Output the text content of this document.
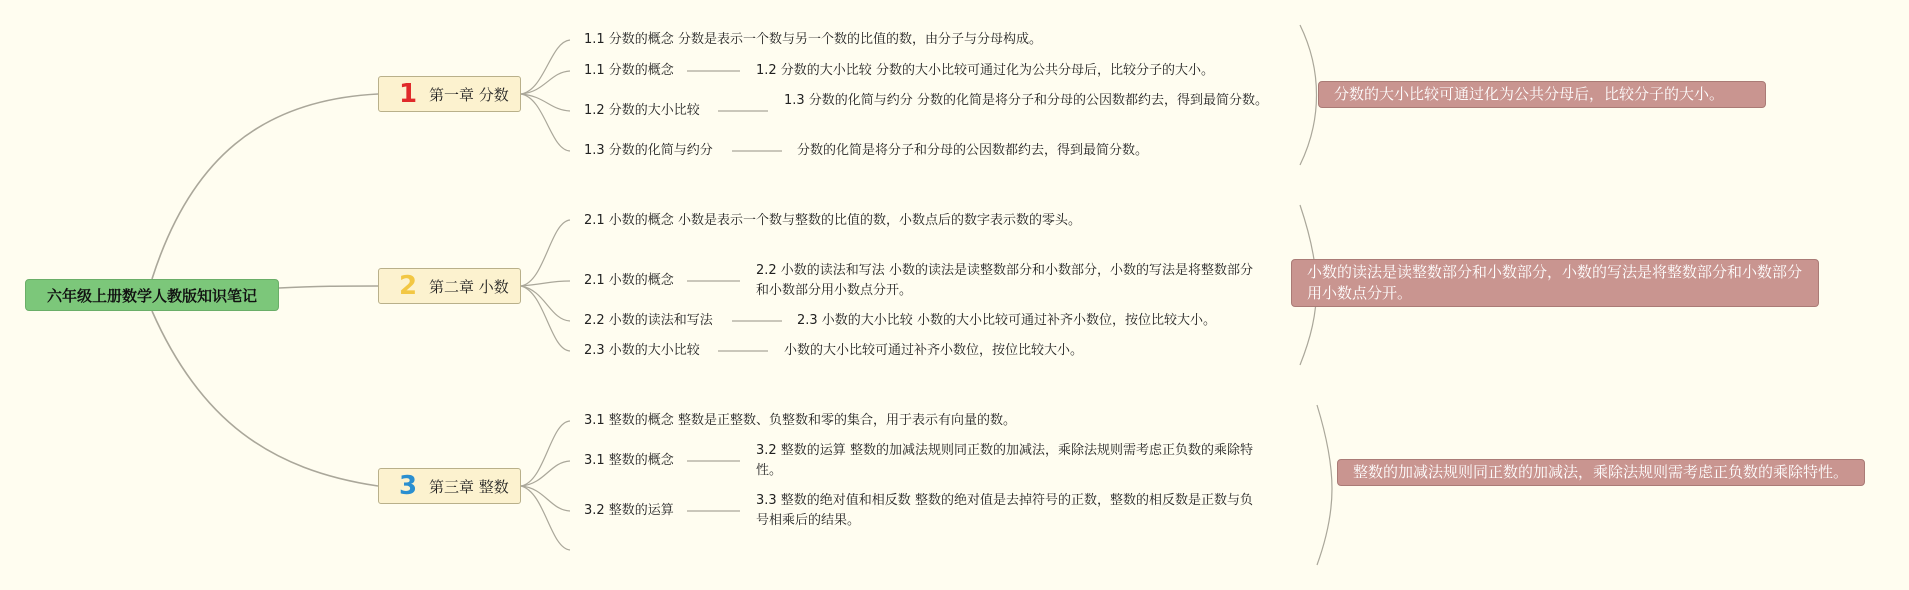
六年级上册数学人教版知识笔记
1 第一章 分数
1.1 分数的概念 分数是表示一个数与另一个数的比值的数，由分子与分母构成。
1.1 分数的概念
1.2 分数的大小比较
1.3 分数的化简与约分
1.2 分数的大小比较 分数的大小比较可通过化为公共分母后，比较分子的大小。
1.3 分数的化简与约分 分数的化简是将分子和分母的公因数都约去，得到最简分数。
分数的化简是将分子和分母的公因数都约去，得到最简分数。
分数的大小比较可通过化为公共分母后，比较分子的大小。
2 第二章 小数
2.1 小数的概念 小数是表示一个数与整数的比值的数，小数点后的数字表示数的零头。
2.1 小数的概念
2.2 小数的读法和写法
2.3 小数的大小比较
2.2 小数的读法和写法 小数的读法是读整数部分和小数部分，小数的写法是将整数部分和小数部分用小数点分开。
2.3 小数的大小比较 小数的大小比较可通过补齐小数位，按位比较大小。
小数的大小比较可通过补齐小数位，按位比较大小。
小数的读法是读整数部分和小数部分，小数的写法是将整数部分和小数部分用小数点分开。
3 第三章 整数
3.1 整数的概念 整数是正整数、负整数和零的集合，用于表示有向量的数。
3.1 整数的概念
3.2 整数的运算
3.2 整数的运算 整数的加减法规则同正数的加减法，乘除法规则需考虑正负数的乘除特性。
3.3 整数的绝对值和相反数 整数的绝对值是去掉符号的正数，整数的相反数是正数与负号相乘后的结果。
整数的加减法规则同正数的加减法，乘除法规则需考虑正负数的乘除特性。
